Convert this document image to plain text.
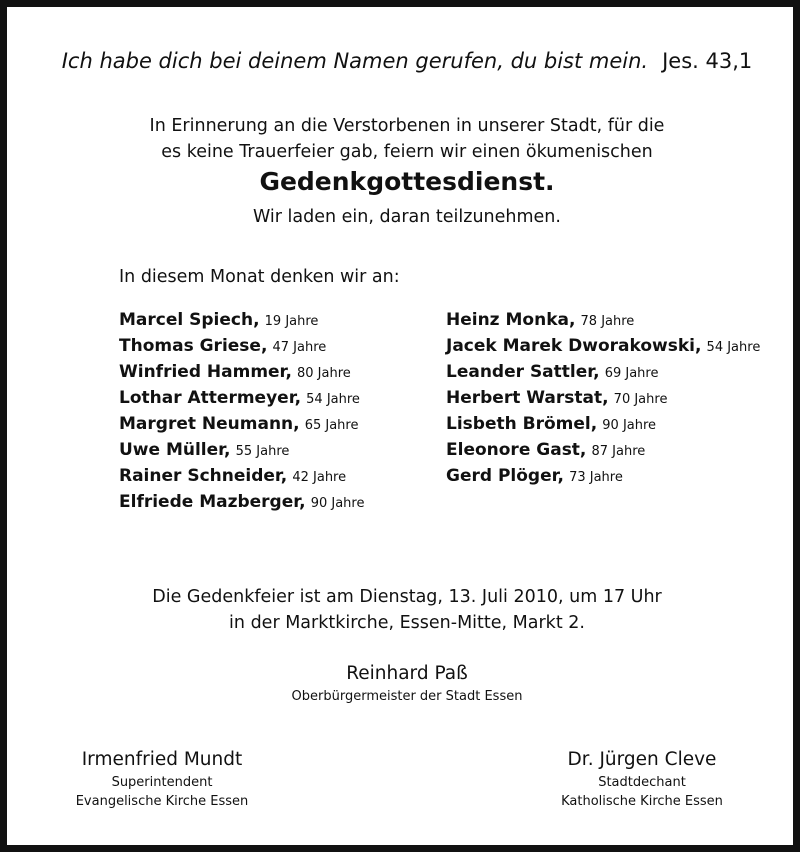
Ich habe dich bei deinem Namen gerufen, du bist mein. Jes. 43,1
In Erinnerung an die Verstorbenen in unserer Stadt, für die
es keine Trauerfeier gab, feiern wir einen ökumenischen
Gedenkgottesdienst.
Wir laden ein, daran teilzunehmen.
In diesem Monat denken wir an:
Marcel Spiech, 19 Jahre
Thomas Griese, 47 Jahre
Winfried Hammer, 80 Jahre
Lothar Attermeyer, 54 Jahre
Margret Neumann, 65 Jahre
Uwe Müller, 55 Jahre
Rainer Schneider, 42 Jahre
Elfriede Mazberger, 90 Jahre
Heinz Monka, 78 Jahre
Jacek Marek Dworakowski, 54 Jahre
Leander Sattler, 69 Jahre
Herbert Warstat, 70 Jahre
Lisbeth Brömel, 90 Jahre
Eleonore Gast, 87 Jahre
Gerd Plöger, 73 Jahre
Die Gedenkfeier ist am Dienstag, 13. Juli 2010, um 17 Uhr
in der Marktkirche, Essen-Mitte, Markt 2.
Reinhard Paß
Oberbürgermeister der Stadt Essen
Irmenfried Mundt
Superintendent
Evangelische Kirche Essen
Dr. Jürgen Cleve
Stadtdechant
Katholische Kirche Essen
